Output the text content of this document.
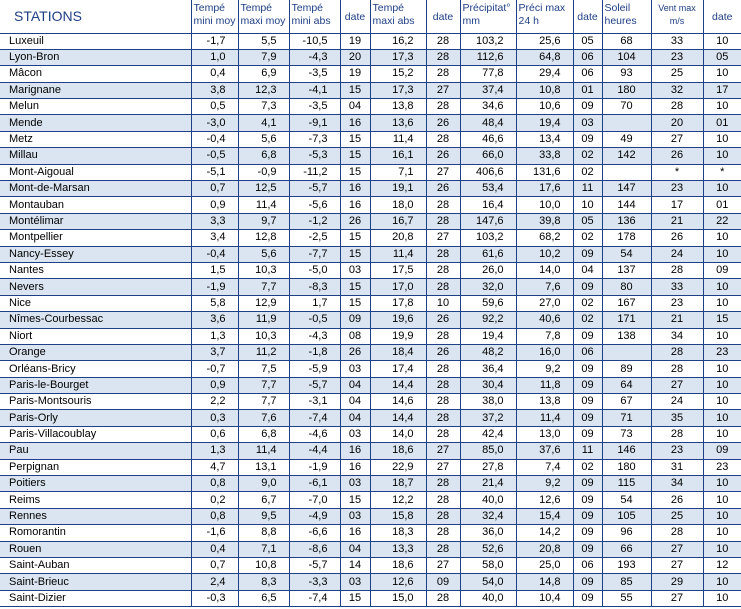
STATIONS	Tempé mini moy	Tempé maxi moy	Tempé mini abs	date	Tempé maxi abs	date	Précipitat° mm	Préci max 24 h	date	Soleil heures	Vent max m/s	date
Luxeuil	-1,7	5,5	-10,5	19	16,2	28	103,2	25,6	05	68	33	10
Lyon-Bron	1,0	7,9	-4,3	20	17,3	28	112,6	64,8	06	104	23	05
Mâcon	0,4	6,9	-3,5	19	15,2	28	77,8	29,4	06	93	25	10
Marignane	3,8	12,3	-4,1	15	17,3	27	37,4	10,8	01	180	32	17
Melun	0,5	7,3	-3,5	04	13,8	28	34,6	10,6	09	70	28	10
Mende	-3,0	4,1	-9,1	16	13,6	26	48,4	19,4	03		20	01
Metz	-0,4	5,6	-7,3	15	11,4	28	46,6	13,4	09	49	27	10
Millau	-0,5	6,8	-5,3	15	16,1	26	66,0	33,8	02	142	26	10
Mont-Aigoual	-5,1	-0,9	-11,2	15	7,1	27	406,6	131,6	02		*	*
Mont-de-Marsan	0,7	12,5	-5,7	16	19,1	26	53,4	17,6	11	147	23	10
Montauban	0,9	11,4	-5,6	16	18,0	28	16,4	10,0	10	144	17	01
Montélimar	3,3	9,7	-1,2	26	16,7	28	147,6	39,8	05	136	21	22
Montpellier	3,4	12,8	-2,5	15	20,8	27	103,2	68,2	02	178	26	10
Nancy-Essey	-0,4	5,6	-7,7	15	11,4	28	61,6	10,2	09	54	24	10
Nantes	1,5	10,3	-5,0	03	17,5	28	26,0	14,0	04	137	28	09
Nevers	-1,9	7,7	-8,3	15	17,0	28	32,0	7,6	09	80	33	10
Nice	5,8	12,9	1,7	15	17,8	10	59,6	27,0	02	167	23	10
Nîmes-Courbessac	3,6	11,9	-0,5	09	19,6	26	92,2	40,6	02	171	21	15
Niort	1,3	10,3	-4,3	08	19,9	28	19,4	7,8	09	138	34	10
Orange	3,7	11,2	-1,8	26	18,4	26	48,2	16,0	06		28	23
Orléans-Bricy	-0,7	7,5	-5,9	03	17,4	28	36,4	9,2	09	89	28	10
Paris-le-Bourget	0,9	7,7	-5,7	04	14,4	28	30,4	11,8	09	64	27	10
Paris-Montsouris	2,2	7,7	-3,1	04	14,6	28	38,0	13,8	09	67	24	10
Paris-Orly	0,3	7,6	-7,4	04	14,4	28	37,2	11,4	09	71	35	10
Paris-Villacoublay	0,6	6,8	-4,6	03	14,0	28	42,4	13,0	09	73	28	10
Pau	1,3	11,4	-4,4	16	18,6	27	85,0	37,6	11	146	23	09
Perpignan	4,7	13,1	-1,9	16	22,9	27	27,8	7,4	02	180	31	23
Poitiers	0,8	9,0	-6,1	03	18,7	28	21,4	9,2	09	115	34	10
Reims	0,2	6,7	-7,0	15	12,2	28	40,0	12,6	09	54	26	10
Rennes	0,8	9,5	-4,9	03	15,8	28	32,4	15,4	09	105	25	10
Romorantin	-1,6	8,8	-6,6	16	18,3	28	36,0	14,2	09	96	28	10
Rouen	0,4	7,1	-8,6	04	13,3	28	52,6	20,8	09	66	27	10
Saint-Auban	0,7	10,8	-5,7	14	18,6	27	58,0	25,0	06	193	27	12
Saint-Brieuc	2,4	8,3	-3,3	03	12,6	09	54,0	14,8	09	85	29	10
Saint-Dizier	-0,3	6,5	-7,4	15	15,0	28	40,0	10,4	09	55	27	10
